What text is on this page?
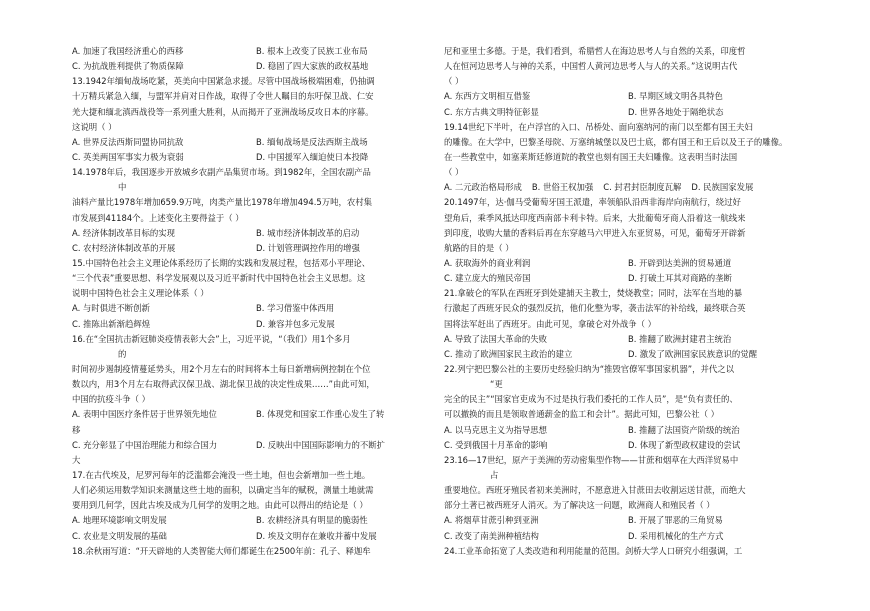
A. 加速了我国经济重心的西移	B. 根本上改变了民族工业布局
C. 为抗战胜利提供了物质保障	D. 稳固了四大家族的政权基地
13.1942年缅甸战场吃紧，英美向中国紧急求援。尽管中国战场极端困难，仍抽调
十万精兵紧急入缅，与盟军并肩对日作战，取得了令世人瞩目的东吁保卫战、仁安
羌大捷和缅北滇西战役等一系列重大胜利，从而揭开了亚洲战场反攻日本的序幕。
这说明（ ）
A. 世界反法西斯同盟协同抗敌	B. 缅甸战场是反法西斯主战场
C. 英美两国军事实力极为衰弱	D. 中国援军入缅迫使日本投降
14.1978年后，我国逐步开放城乡农副产品集贸市场。到1982年，全国农副产品
中
油料产量比1978年增加659.9万吨，肉类产量比1978年增加494.5万吨，农村集
市发展到41184个。上述变化主要得益于（ ）
A. 经济体制改革目标的实现	B. 城市经济体制改革的启动
C. 农村经济体制改革的开展	D. 计划管理调控作用的增强
15.中国特色社会主义理论体系经历了长期的实践和发展过程，包括邓小平理论、
“三个代表”重要思想、科学发展观以及习近平新时代中国特色社会主义思想。这
说明中国特色社会主义理论体系（ ）
A. 与时俱进不断创新	B. 学习借鉴中体西用
C. 推陈出新渐趋辉煌	D. 兼容并包多元发展
16.在“全国抗击新冠肺炎疫情表彰大会”上，习近平说，“（我们）用1个多月
的
时间初步遏制疫情蔓延势头，用2个月左右的时间将本土每日新增病例控制在个位
数以内，用3个月左右取得武汉保卫战、湖北保卫战的决定性成果……”由此可知，
中国的抗疫斗争（ ）
A. 表明中国医疗条件居于世界领先地位	B. 体现党和国家工作重心发生了转
移
C. 充分彰显了中国治理能力和综合国力	D. 反映出中国国际影响力的不断扩
大
17.在古代埃及，尼罗河每年的泛滥都会淹没一些土地，但也会新增加一些土地。
人们必须运用数学知识来测量这些土地的面积，以确定当年的赋税，测量土地就需
要用到几何学，因此古埃及成为几何学的发明之地。由此可以得出的结论是（ ）
A. 地理环境影响文明发展	B. 农耕经济具有明显的脆弱性
C. 农业是文明发展的基础	D. 埃及文明存在兼收并蓄中发展
18.余秋雨写道：“开天辟地的人类智能大师们都诞生在2500年前：孔子、释迦牟
尼和亚里士多德。于是，我们看到，希腊哲人在海边思考人与自然的关系，印度哲
人在恒河边思考人与神的关系，中国哲人黄河边思考人与人的关系。”这说明古代
（ ）
A. 东西方文明相互借鉴	B. 早期区域文明各具特色
C. 东方古典文明特征彰显	D. 世界各地处于隔绝状态
19.14世纪下半叶，在卢浮宫的入口、吊桥处、面向塞纳河的南门以至都有国王夫妇
的雕像。在大学中，巴黎圣母院、万塞纳城堡以及巴士底，都有国王和王后以及王子的雕像。
在一些教堂中，如塞莱斯廷修道院的教堂也刻有国王夫妇雕像。这表明当时法国
（ ）
A. 二元政治格局形成 B. 世俗王权加强 C. 封君封臣制度瓦解 D. 民族国家发展
20.1497年，达·伽马受葡萄牙国王派遣，率领船队沿西非海岸向南航行，绕过好
望角后，乘季风抵达印度西南部卡利卡特。后来，大批葡萄牙商人沿着这一航线来
到印度，收购大量的香料后再在东穿越马六甲进入东亚贸易，可见，葡萄牙开辟新
航路的目的是（ ）
A. 获取海外的商业利润	B. 开辟到达美洲的贸易通道
C. 建立庞大的殖民帝国	D. 打破土耳其对商路的垄断
21.拿破仑的军队在西班牙到处建捕天主教士，焚烧教堂；同时，法军在当地的暴
行激起了西班牙民众的强烈反抗，他们化整为零，袭击法军的补给线，最终联合英
国将法军赶出了西班牙。由此可见，拿破仑对外战争（ ）
A. 导致了法国大革命的失败	B. 推翻了欧洲封建君主统治
C. 推动了欧洲国家民主政治的建立	D. 激发了欧洲国家民族意识的觉醒
22.列宁把巴黎公社的主要历史经验归纳为“推毁官僚军事国家机器”，并代之以
“更
完全的民主”“国家官吏成为不过是执行我们委托的工作人员”，是“负有责任的、
可以撤换的而且是领取普通薪金的监工和会计”。据此可知，巴黎公社（ ）
A. 以马克思主义为指导思想	B. 推翻了法国资产阶级的统治
C. 受到俄国十月革命的影响	D. 体现了新型政权建设的尝试
23.16—17世纪，原产于美洲的劳动密集型作物——甘蔗和烟草在大西洋贸易中
占
重要地位。西班牙殖民者初来美洲时，不愿意进入甘蔗田去收割运送甘蔗，而绝大
部分土著已被西班牙人消灭。为了解决这一问题，欧洲商人和殖民者（ ）
A. 将烟草甘蔗引种到亚洲	B. 开展了罪恶的三角贸易
C. 改变了南美洲种植结构	D. 采用机械化的生产方式
24.工业革命拓宽了人类改造和利用能量的范围。剑桥大学人口研究小组强调，工
